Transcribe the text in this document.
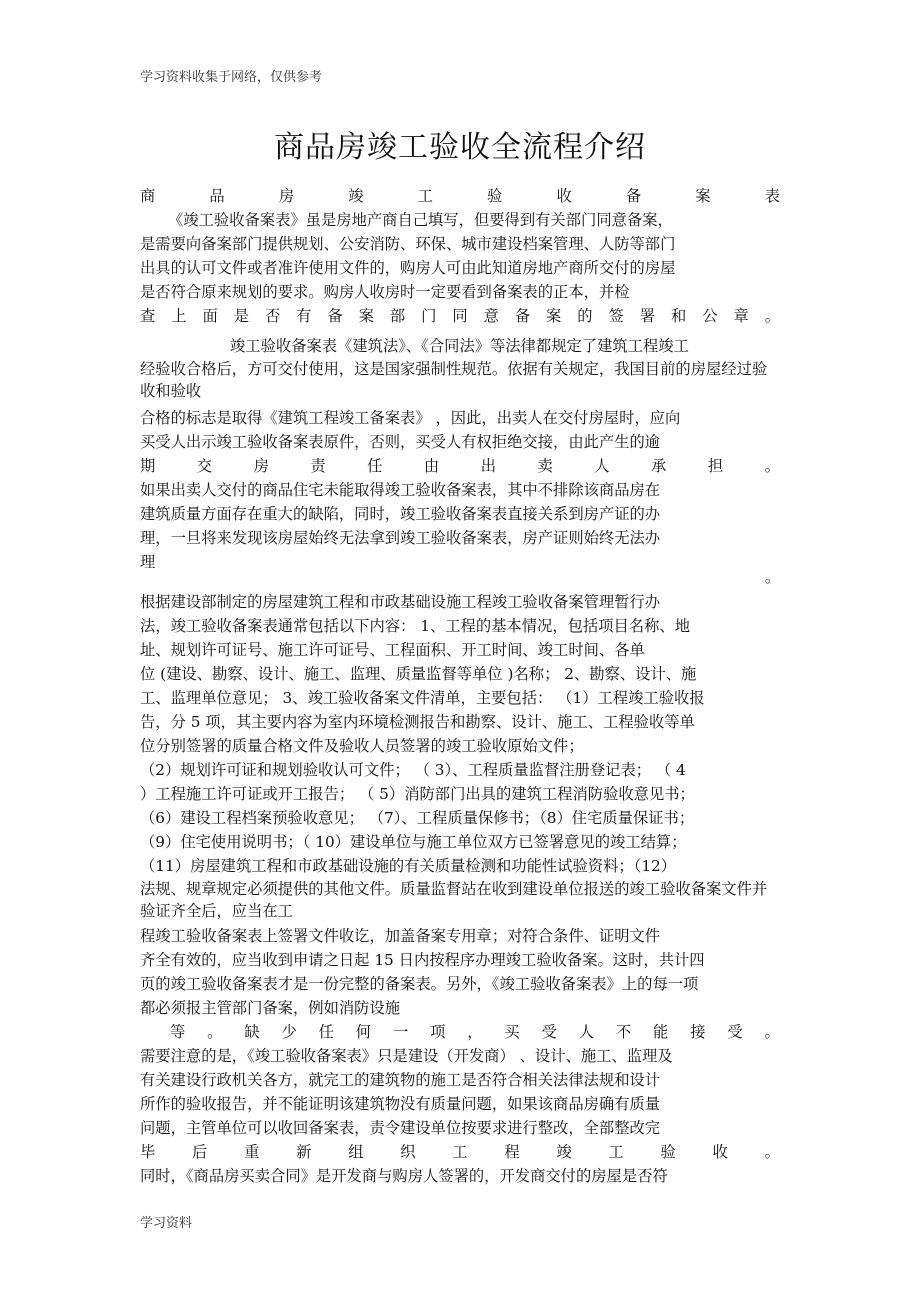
学习资料收集于网络，仅供参考
商品房竣工验收全流程介绍
商	品	房	竣	工	验	收	备	案	表
《竣工验收备案表》虽是房地产商自己填写，但要得到有关部门同意备案，
是需要向备案部门提供规划、公安消防、环保、城市建设档案管理、人防等部门
出具的认可文件或者准许使用文件的，购房人可由此知道房地产商所交付的房屋
是否符合原来规划的要求。购房人收房时一定要看到备案表的正本，并检
查 上 面 是 否 有 备 案 部 门 同 意 备 案 的 签 署 和 公 章 。
竣工验收备案表《建筑法》、《合同法》等法律都规定了建筑工程竣工
经验收合格后，方可交付使用，这是国家强制性规范。依据有关规定，我国目前的房屋经过验收和验收
合格的标志是取得《建筑工程竣工备案表》 ，因此，出卖人在交付房屋时，应向
买受人出示竣工验收备案表原件，否则，买受人有权拒绝交接，由此产生的逾
期	交	房	责	任	由	出	卖	人	承	担	。
如果出卖人交付的商品住宅未能取得竣工验收备案表，其中不排除该商品房在
建筑质量方面存在重大的缺陷，同时，竣工验收备案表直接关系到房产证的办
理，一旦将来发现该房屋始终无法拿到竣工验收备案表，房产证则始终无法办
理
。
根据建设部制定的房屋建筑工程和市政基础设施工程竣工验收备案管理暂行办
法，竣工验收备案表通常包括以下内容： 1、工程的基本情况，包括项目名称、地
址、规划许可证号、施工许可证号、工程面积、开工时间、竣工时间、各单
位 (建设、勘察、设计、施工、监理、质量监督等单位 )名称； 2、勘察、设计、施
工、监理单位意见； 3、竣工验收备案文件清单，主要包括： （1）工程竣工验收报
告，分 5 项，其主要内容为室内环境检测报告和勘察、设计、施工、工程验收等单
位分别签署的质量合格文件及验收人员签署的竣工验收原始文件；
（2）规划许可证和规划验收认可文件； （ 3）、工程质量监督注册登记表； （ 4
）工程施工许可证或开工报告； （ 5）消防部门出具的建筑工程消防验收意见书；
（6）建设工程档案预验收意见； （7）、工程质量保修书；（8）住宅质量保证书；
（9）住宅使用说明书；（ 10）建设单位与施工单位双方已签署意见的竣工结算；
（11）房屋建筑工程和市政基础设施的有关质量检测和功能性试验资料；（12）
法规、规章规定必须提供的其他文件。质量监督站在收到建设单位报送的竣工验收备案文件并验证齐全后，应当在工
程竣工验收备案表上签署文件收讫，加盖备案专用章；对符合条件、证明文件
齐全有效的，应当收到申请之日起 15 日内按程序办理竣工验收备案。这时，共计四
页的竣工验收备案表才是一份完整的备案表。另外，《竣工验收备案表》上的每一项
都必须报主管部门备案，例如消防设施
等 。 缺 少 任 何 一 项 ， 买 受 人 不 能 接 受 。
需要注意的是，《竣工验收备案表》只是建设（开发商） 、设计、施工、监理及
有关建设行政机关各方，就完工的建筑物的施工是否符合相关法律法规和设计
所作的验收报告，并不能证明该建筑物没有质量问题，如果该商品房确有质量
问题，主管单位可以收回备案表，责令建设单位按要求进行整改，全部整改完
毕 后 重 新 组 织 工 程 竣 工 验 收 。
同时，《商品房买卖合同》是开发商与购房人签署的，开发商交付的房屋是否符
学习资料
